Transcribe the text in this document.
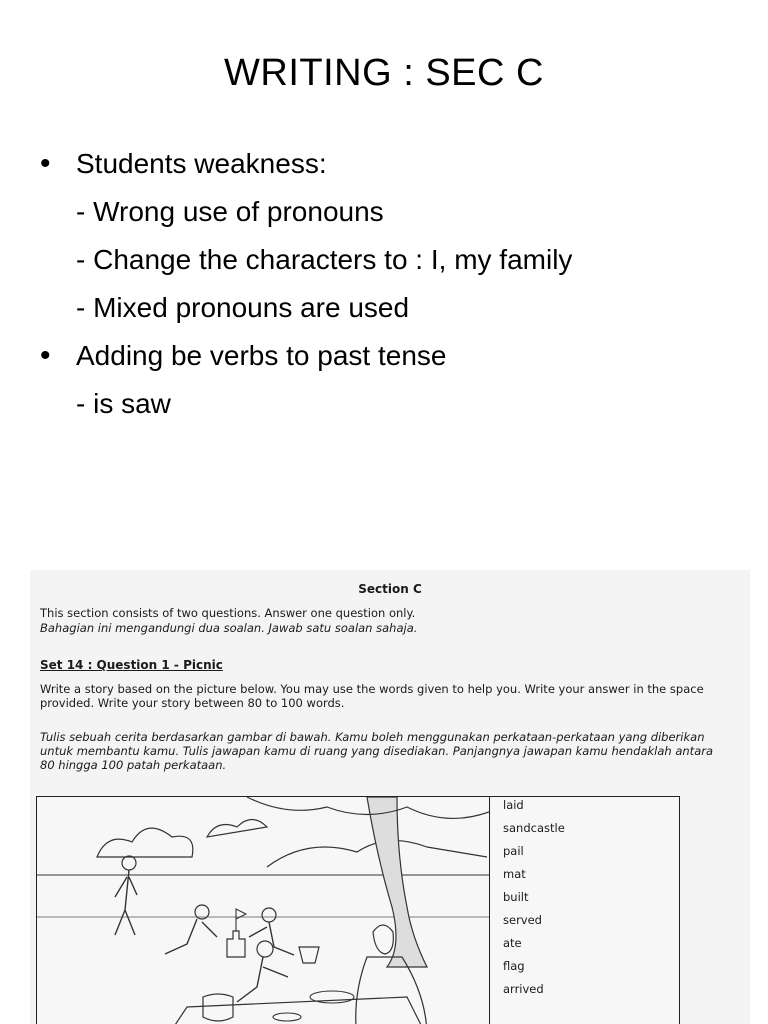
WRITING : SEC C
• Students weakness:
- Wrong use of pronouns
- Change the characters to : I, my family
- Mixed pronouns are used
• Adding be verbs to past tense
- is saw
Section C
This section consists of two questions. Answer one question only.
Bahagian ini mengandungi dua soalan. Jawab satu soalan sahaja.
Set 14 : Question 1 - Picnic
Write a story based on the picture below. You may use the words given to help you. Write your answer in the space provided. Write your story between 80 to 100 words.
Tulis sebuah cerita berdasarkan gambar di bawah. Kamu boleh menggunakan perkataan-perkataan yang diberikan untuk membantu kamu. Tulis jawapan kamu di ruang yang disediakan. Panjangnya jawapan kamu hendaklah antara 80 hingga 100 patah perkataan.
laid
sandcastle
pail
mat
built
served
ate
flag
arrived
